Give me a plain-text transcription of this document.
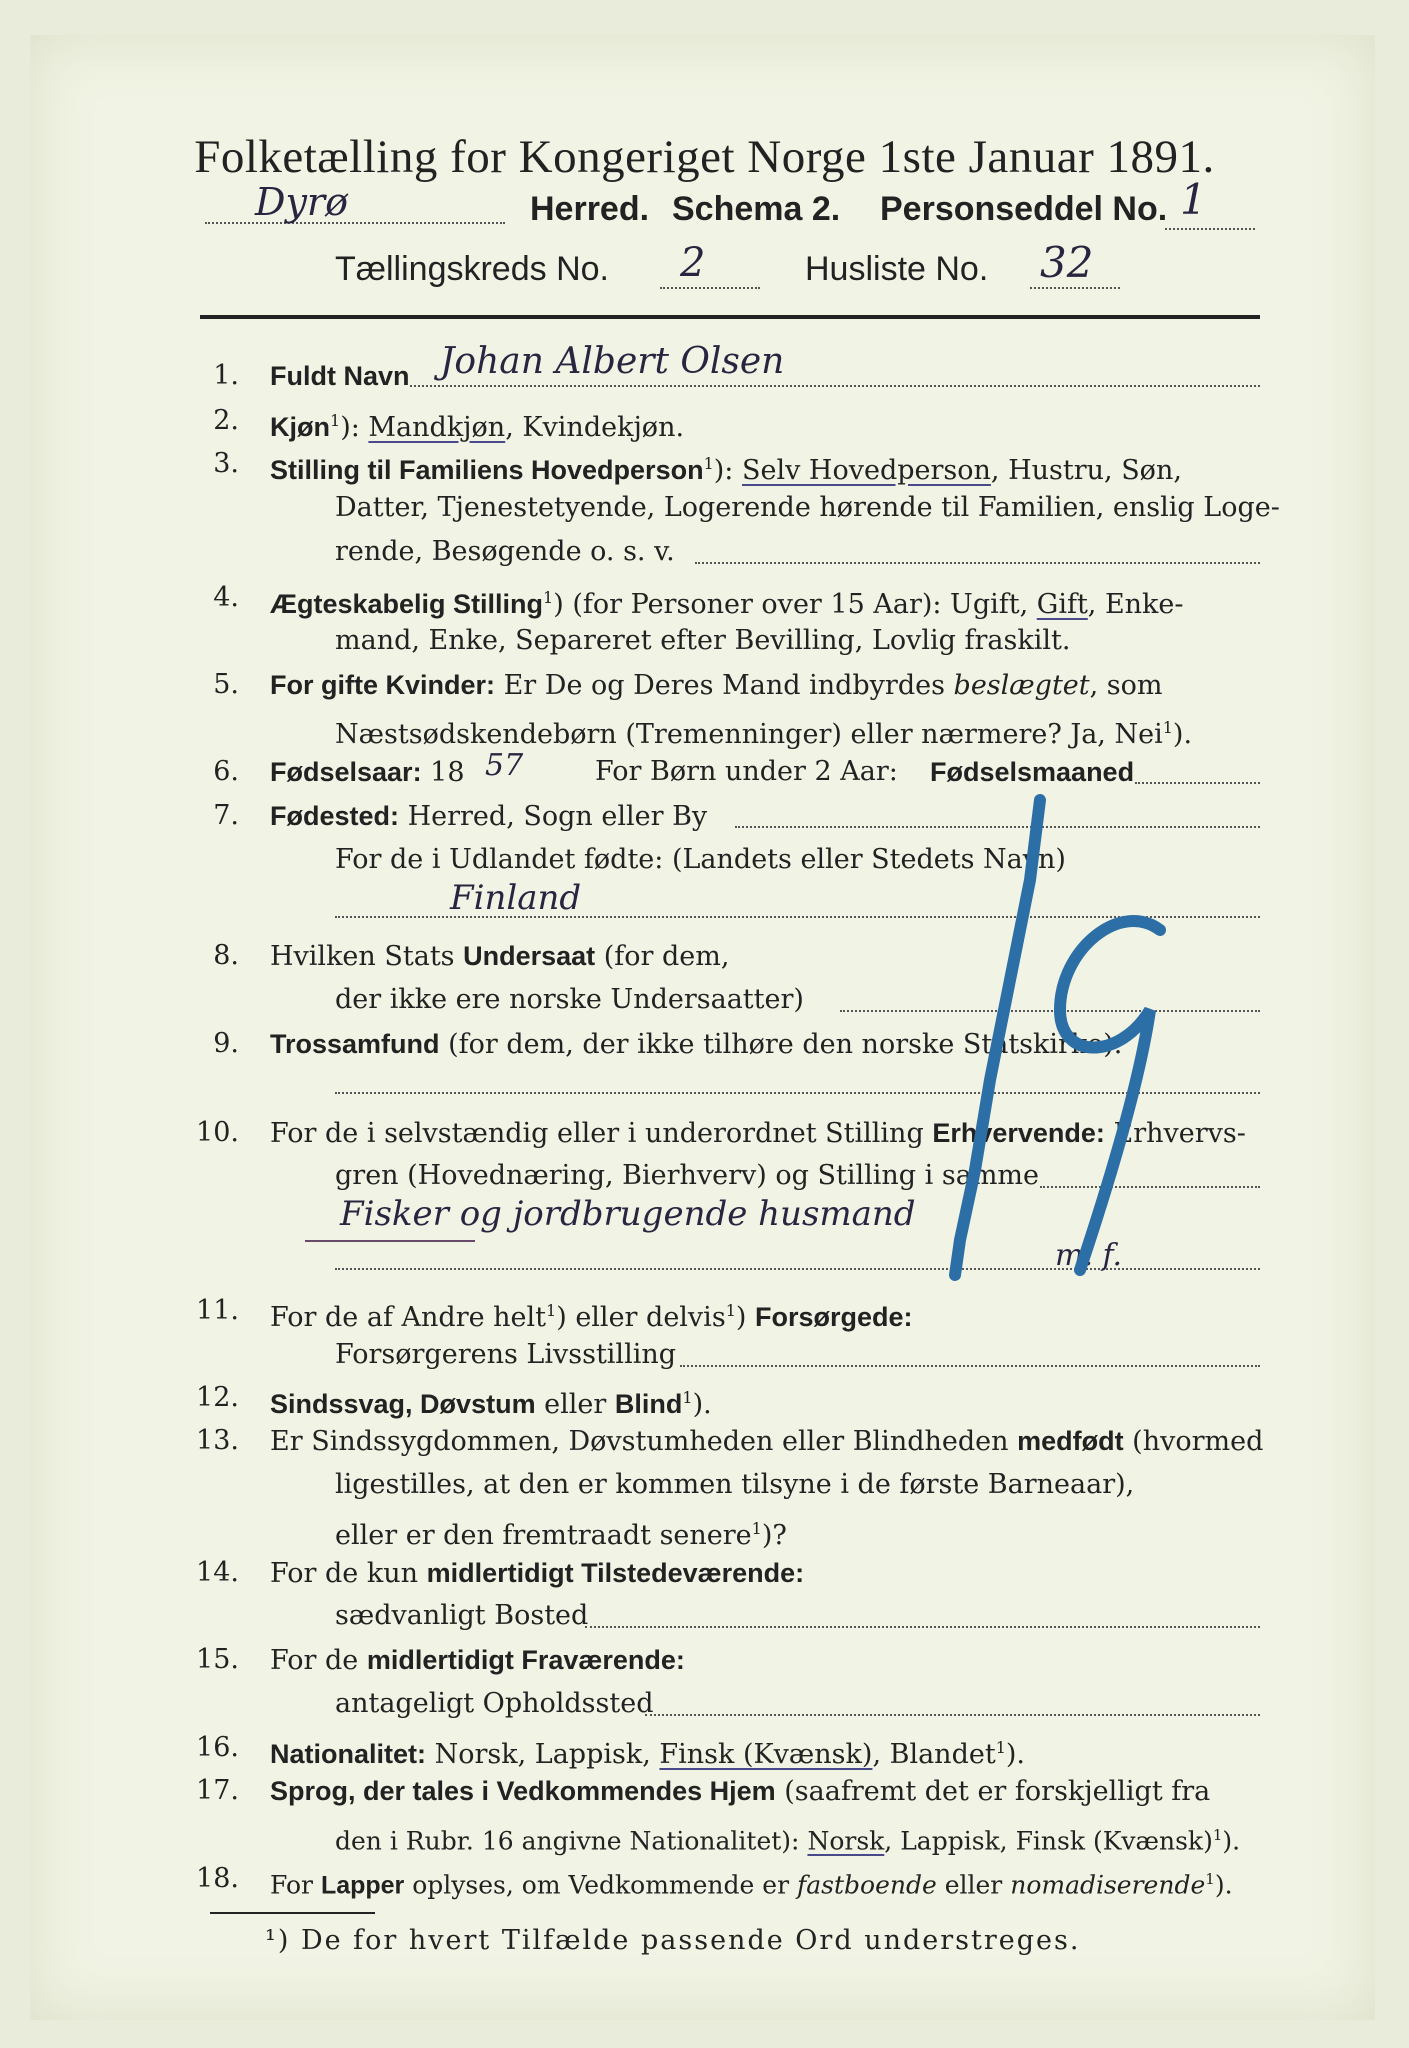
Folketælling for Kongeriget Norge 1ste Januar 1891.
Dyrø	Herred. Schema 2. Personseddel No. 1
Tællingskreds No. 2	Husliste No. 32
1. Fuldt Navn Johan Albert Olsen
2. Kjøn$^1$): Mandkjøn, Kvindekjøn.
3. Stilling til Familiens Hovedperson$^1$): Selv Hovedperson, Hustru, Søn,
Datter, Tjenestetyende, Logerende hørende til Familien, enslig Loge-
rende, Besøgende o. s. v.
4. Ægteskabelig Stilling$^1$) (for Personer over 15 Aar): Ugift, Gift, Enke-
mand, Enke, Separeret efter Bevilling, Lovlig fraskilt.
5. For gifte Kvinder: Er De og Deres Mand indbyrdes beslægtet, som
Næstsødskendebørn (Tremenninger) eller nærmere? Ja, Nei$^1$).
6. Fødselsaar: 18 57	For Børn under 2 Aar: Fødselsmaaned
7. Fødested: Herred, Sogn eller By
For de i Udlandet fødte: (Landets eller Stedets Navn)
Finland
8. Hvilken Stats Undersaat (for dem,
der ikke ere norske Undersaatter)
9. Trossamfund (for dem, der ikke tilhøre den norske Statskirke).
10. For de i selvstændig eller i underordnet Stilling Erhvervende: Erhvervs-
gren (Hovednæring, Bierhverv) og Stilling i samme
Fisker og jordbrugende husmand
m. f.
11. For de af Andre helt$^1$) eller delvis$^1$) Forsørgede:
Forsørgerens Livsstilling
12. Sindssvag, Døvstum eller Blind$^1$).
13. Er Sindssygdommen, Døvstumheden eller Blindheden medfødt (hvormed
ligestilles, at den er kommen tilsyne i de første Barneaar),
eller er den fremtraadt senere$^1$)?
14. For de kun midlertidigt Tilstedeværende:
sædvanligt Bosted
15. For de midlertidigt Fraværende:
antageligt Opholdssted
16. Nationalitet: Norsk, Lappisk, Finsk (Kvænsk), Blandet$^1$).
17. Sprog, der tales i Vedkommendes Hjem (saafremt det er forskjelligt fra
den i Rubr. 16 angivne Nationalitet): Norsk, Lappisk, Finsk (Kvænsk)$^1$).
18. For Lapper oplyses, om Vedkommende er fastboende eller nomadiserende$^1$).
¹) De for hvert Tilfælde passende Ord understreges.
